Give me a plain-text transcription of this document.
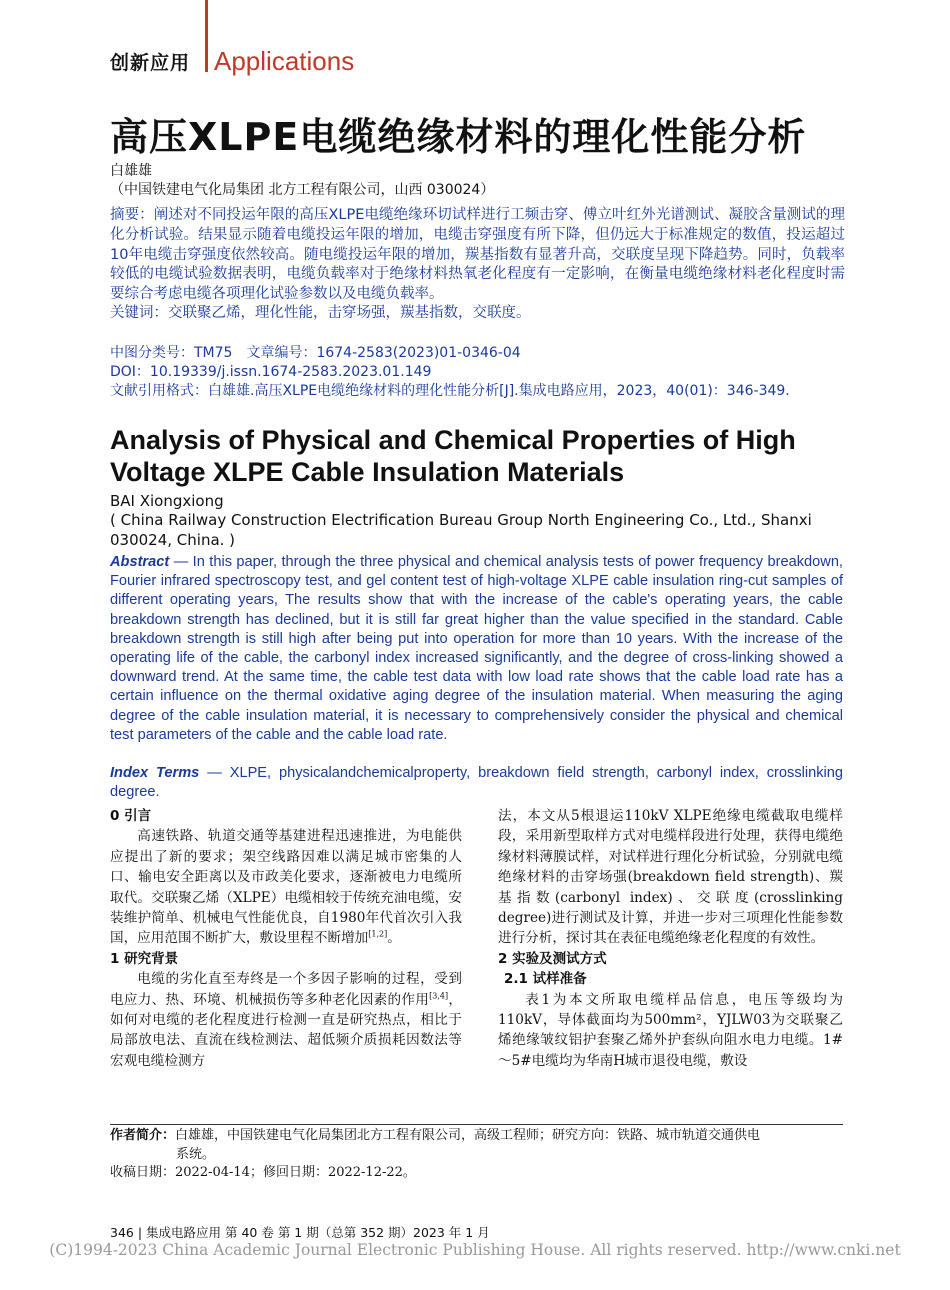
创新应用 Applications
高压XLPE电缆绝缘材料的理化性能分析
白雄雄
（中国铁建电气化局集团 北方工程有限公司，山西 030024）
摘要：阐述对不同投运年限的高压XLPE电缆绝缘环切试样进行工频击穿、傅立叶红外光谱测试、凝胶含量测试的理化分析试验。结果显示随着电缆投运年限的增加，电缆击穿强度有所下降，但仍远大于标准规定的数值，投运超过10年电缆击穿强度依然较高。随电缆投运年限的增加，羰基指数有显著升高，交联度呈现下降趋势。同时，负载率较低的电缆试验数据表明，电缆负载率对于绝缘材料热氧老化程度有一定影响，在衡量电缆绝缘材料老化程度时需要综合考虑电缆各项理化试验参数以及电缆负载率。
关键词：交联聚乙烯，理化性能，击穿场强，羰基指数，交联度。
中图分类号：TM75　文章编号：1674-2583(2023)01-0346-04
DOI：10.19339/j.issn.1674-2583.2023.01.149
文献引用格式：白雄雄.高压XLPE电缆绝缘材料的理化性能分析[J].集成电路应用，2023，40(01)：346-349.
Analysis of Physical and Chemical Properties of High Voltage XLPE Cable Insulation Materials
BAI Xiongxiong
( China Railway Construction Electrification Bureau Group North Engineering Co., Ltd., Shanxi 030024, China. )
Abstract — In this paper, through the three physical and chemical analysis tests of power frequency breakdown, Fourier infrared spectroscopy test, and gel content test of high-voltage XLPE cable insulation ring-cut samples of different operating years, The results show that with the increase of the cable's operating years, the cable breakdown strength has declined, but it is still far great higher than the value specified in the standard. Cable breakdown strength is still high after being put into operation for more than 10 years. With the increase of the operating life of the cable, the carbonyl index increased significantly, and the degree of cross-linking showed a downward trend. At the same time, the cable test data with low load rate shows that the cable load rate has a certain influence on the thermal oxidative aging degree of the insulation material. When measuring the aging degree of the cable insulation material, it is necessary to comprehensively consider the physical and chemical test parameters of the cable and the cable load rate.
Index Terms — XLPE, physicalandchemicalproperty, breakdown field strength, carbonyl index, crosslinking degree.
0 引言

高速铁路、轨道交通等基建进程迅速推进，为电能供应提出了新的要求；架空线路因难以满足城市密集的人口、输电安全距离以及市政美化要求，逐渐被电力电缆所取代。交联聚乙烯（XLPE）电缆相较于传统充油电缆，安装维护简单、机械电气性能优良，自1980年代首次引入我国，应用范围不断扩大，敷设里程不断增加[1,2]。

1 研究背景

电缆的劣化直至寿终是一个多因子影响的过程，受到电应力、热、环境、机械损伤等多种老化因素的作用[3,4]，如何对电缆的老化程度进行检测一直是研究热点，相比于局部放电法、直流在线检测法、超低频介质损耗因数法等宏观电缆检测方

法，本文从5根退运110kV XLPE绝缘电缆截取电缆样段，采用新型取样方式对电缆样段进行处理，获得电缆绝缘材料薄膜试样，对试样进行理化分析试验，分别就电缆绝缘材料的击穿场强(breakdown field strength)、羰基指数(carbonyl index)、交联度(crosslinking degree)进行测试及计算，并进一步对三项理化性能参数进行分析，探讨其在表征电缆绝缘老化程度的有效性。

2 实验及测试方式
2.1 试样准备

表1为本文所取电缆样品信息，电压等级均为110kV，导体截面均为500mm²，YJLW03为交联聚乙烯绝缘皱纹铝护套聚乙烯外护套纵向阻水电力电缆。1#～5#电缆均为华南H城市退役电缆，敷设

作者简介：白雄雄，中国铁建电气化局集团北方工程有限公司，高级工程师；研究方向：铁路、城市轨道交通供电
系统。
收稿日期：2022-04-14；修回日期：2022-12-22。
346 | 集成电路应用 第 40 卷 第 1 期（总第 352 期）2023 年 1 月
(C)1994-2023 China Academic Journal Electronic Publishing House. All rights reserved. http://www.cnki.net
